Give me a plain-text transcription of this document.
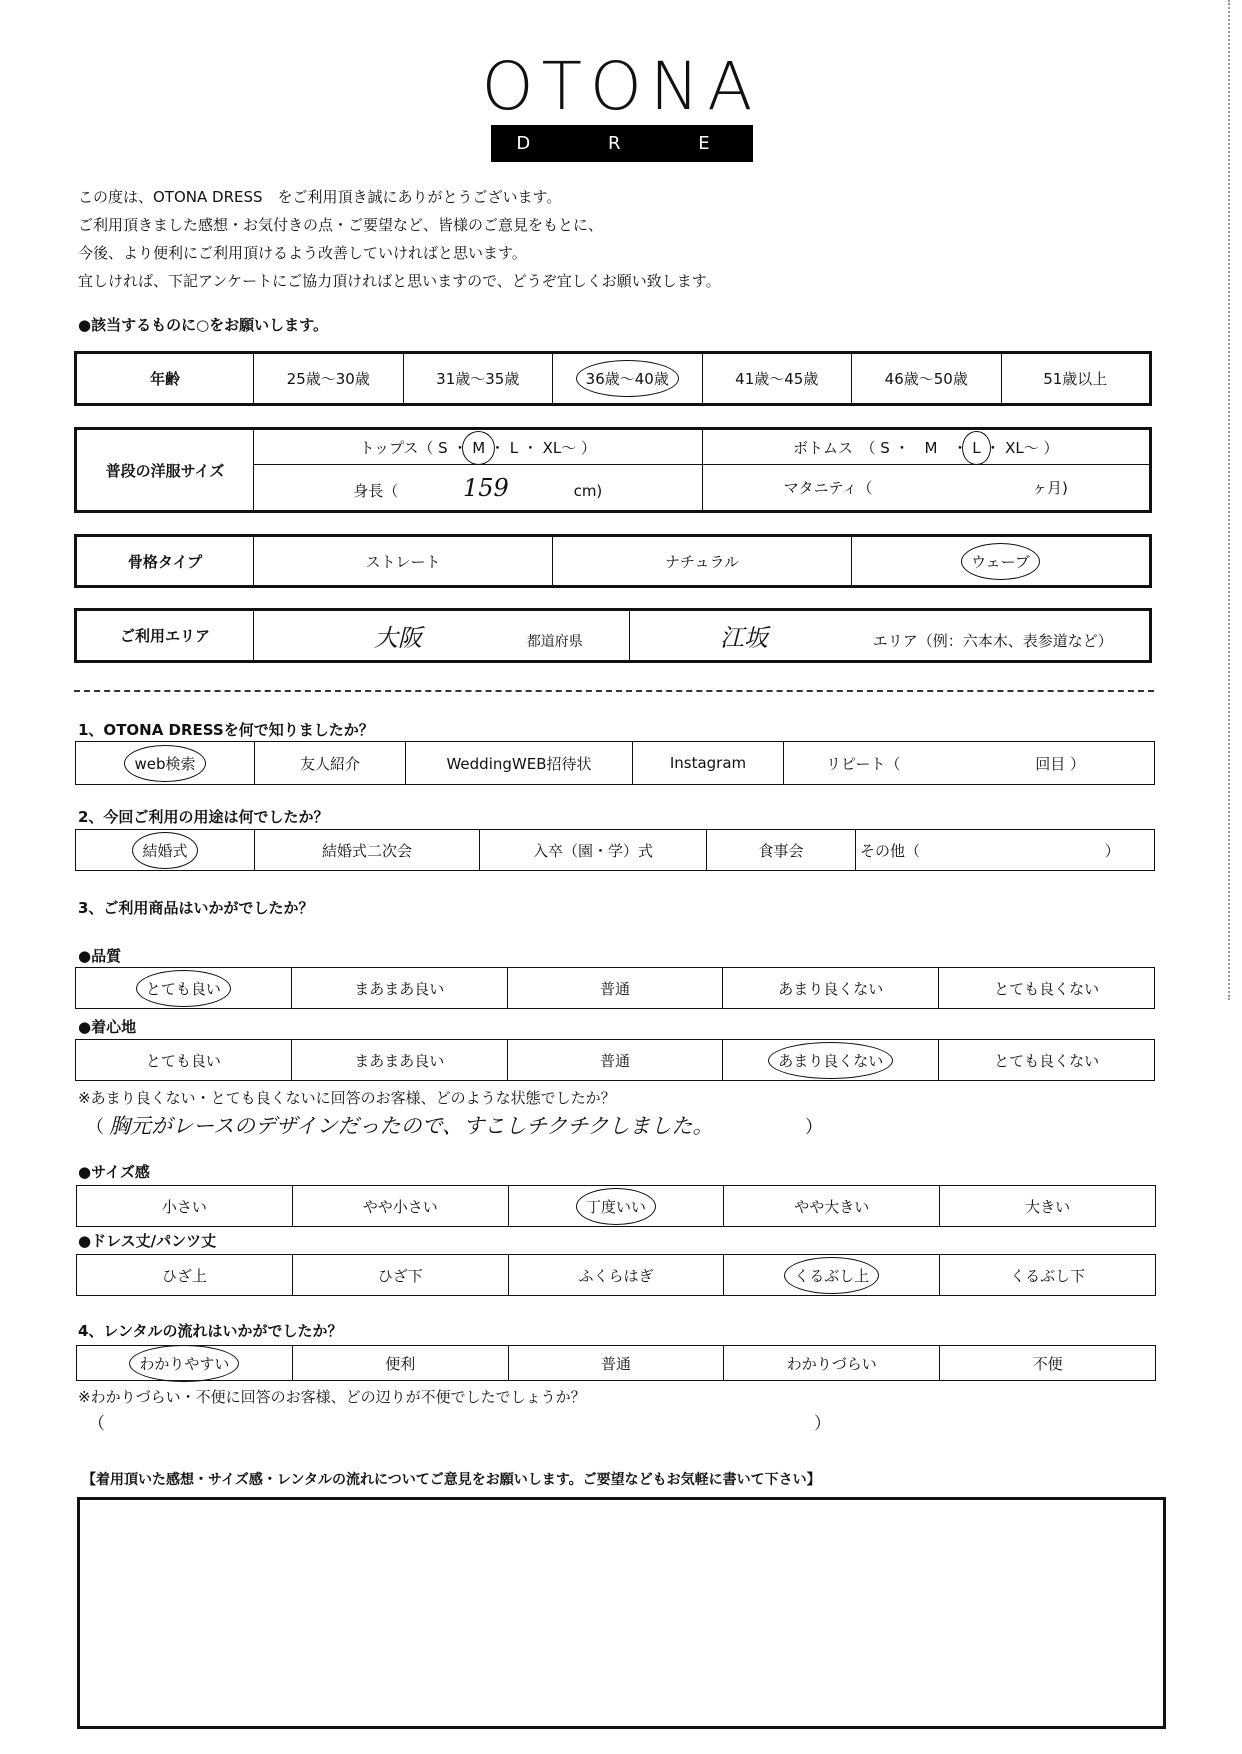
OTONA
D R E S S
この度は、OTONA DRESS　をご利用頂き誠にありがとうございます。
ご利用頂きました感想・お気付きの点・ご要望など、皆様のご意見をもとに、
今後、より便利にご利用頂けるよう改善していければと思います。
宜しければ、下記アンケートにご協力頂ければと思いますので、どうぞ宜しくお願い致します。
●該当するものに○をお願いします。
年齢	25歳～30歳	31歳～35歳	36歳～40歳	41歳～45歳	46歳～50歳	51歳以上
普段の洋服サイズ	トップス（ S ・ M ・ L ・ XL～ ）	ボトムス　（ S ・　M　・ L ・ XL～ ）
	身長（ 159 cm)	マタニティ（ ヶ月)
骨格タイプ	ストレート	ナチュラル	ウェーブ
ご利用エリア	大阪	都道府県	江坂	エリア（例：六本木、表参道など）
1、OTONA DRESSを何で知りましたか？
web検索	友人紹介	WeddingWEB招待状	Instagram	リピート（	回目 ）
2、今回ご利用の用途は何でしたか？
結婚式	結婚式二次会	入卒（園・学）式	食事会	その他（	）
3、ご利用商品はいかがでしたか？
●品質
とても良い	まあまあ良い	普通	あまり良くない	とても良くない
●着心地
とても良い	まあまあ良い	普通	あまり良くない	とても良くない
※あまり良くない・とても良くないに回答のお客様、どのような状態でしたか？
（ 胸元がレースのデザインだったので、すこしチクチクしました。	）
●サイズ感
小さい	やや小さい	丁度いい	やや大きい	大きい
●ドレス丈/パンツ丈
ひざ上	ひざ下	ふくらはぎ	くるぶし上	くるぶし下
4、レンタルの流れはいかがでしたか？
わかりやすい	便利	普通	わかりづらい	不便
※わかりづらい・不便に回答のお客様、どの辺りが不便でしたでしょうか？
（	）
【着用頂いた感想・サイズ感・レンタルの流れについてご意見をお願いします。ご要望などもお気軽に書いて下さい】
